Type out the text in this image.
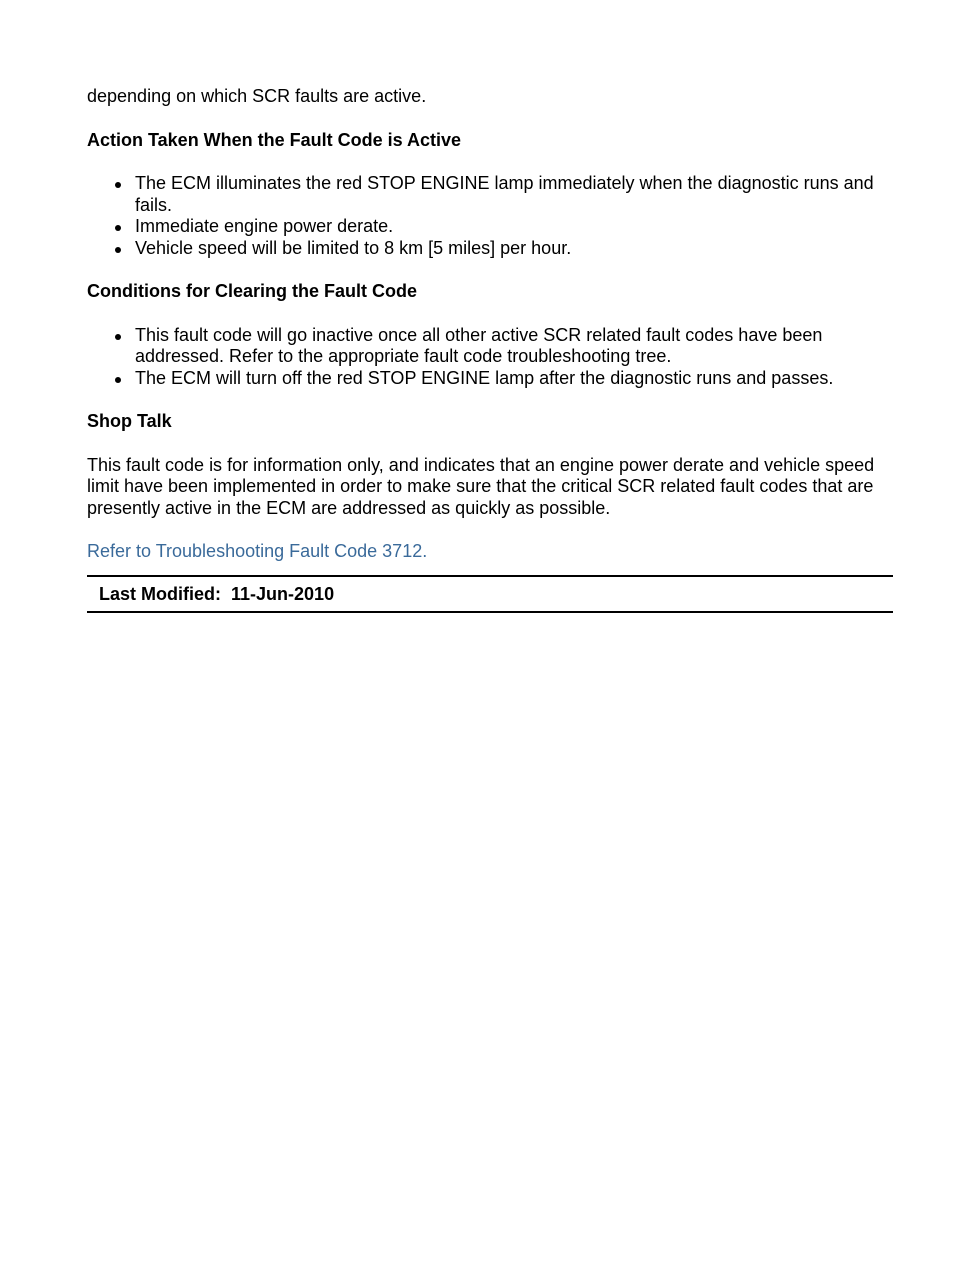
depending on which SCR faults are active.

Action Taken When the Fault Code is Active
The ECM illuminates the red STOP ENGINE lamp immediately when the diagnostic runs and fails.
Immediate engine power derate.
Vehicle speed will be limited to 8 km [5 miles] per hour.
Conditions for Clearing the Fault Code
This fault code will go inactive once all other active SCR related fault codes have been addressed. Refer to the appropriate fault code troubleshooting tree.
The ECM will turn off the red STOP ENGINE lamp after the diagnostic runs and passes.
Shop Talk

This fault code is for information only, and indicates that an engine power derate and vehicle speed limit have been implemented in order to make sure that the critical SCR related fault codes that are presently active in the ECM are addressed as quickly as possible.

Refer to Troubleshooting Fault Code 3712.
Last Modified: 11-Jun-2010
